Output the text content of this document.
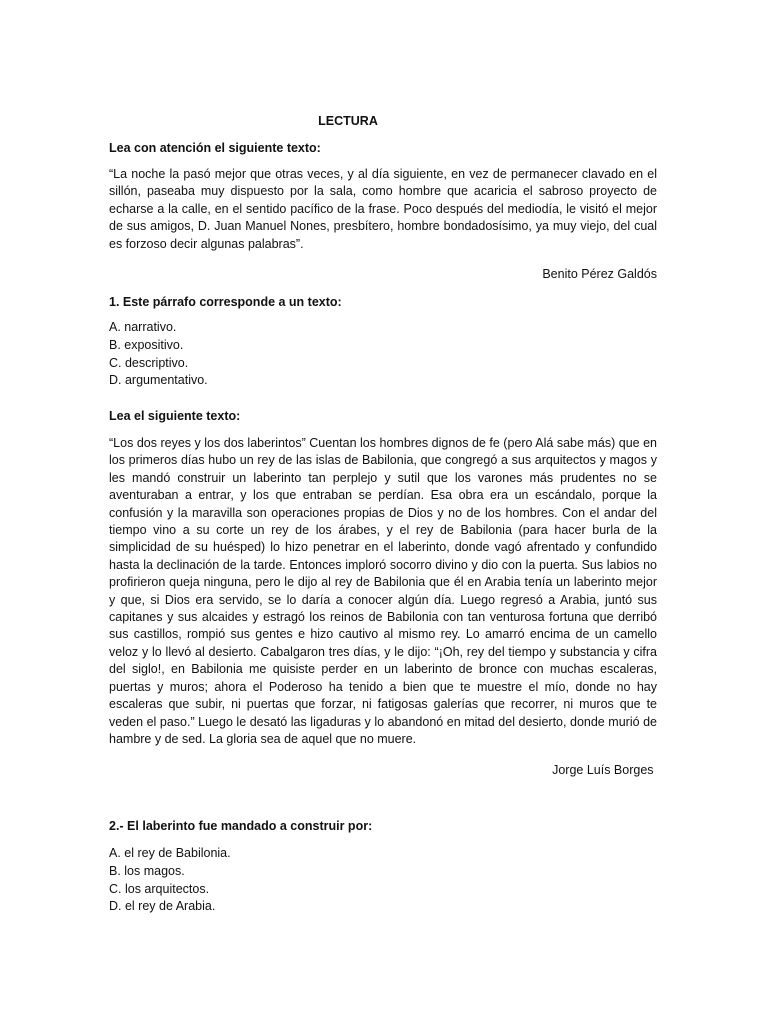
LECTURA
Lea con atención el siguiente texto:
“La noche la pasó mejor que otras veces, y al día siguiente, en vez de permanecer clavado en el sillón, paseaba muy dispuesto por la sala, como hombre que acaricia el sabroso proyecto de echarse a la calle, en el sentido pacífico de la frase. Poco después del mediodía, le visitó el mejor de sus amigos, D. Juan Manuel Nones, presbítero, hombre bondadosísimo, ya muy viejo, del cual es forzoso decir algunas palabras”.
Benito Pérez Galdós
1. Este párrafo corresponde a un texto:
A. narrativo.
B. expositivo.
C. descriptivo.
D. argumentativo.
Lea el siguiente texto:
“Los dos reyes y los dos laberintos” Cuentan los hombres dignos de fe (pero Alá sabe más) que en los primeros días hubo un rey de las islas de Babilonia, que congregó a sus arquitectos y magos y les mandó construir un laberinto tan perplejo y sutil que los varones más prudentes no se aventuraban a entrar, y los que entraban se perdían. Esa obra era un escándalo, porque la confusión y la maravilla son operaciones propias de Dios y no de los hombres. Con el andar del tiempo vino a su corte un rey de los árabes, y el rey de Babilonia (para hacer burla de la simplicidad de su huésped) lo hizo penetrar en el laberinto, donde vagó afrentado y confundido hasta la declinación de la tarde. Entonces imploró socorro divino y dio con la puerta. Sus labios no profirieron queja ninguna, pero le dijo al rey de Babilonia que él en Arabia tenía un laberinto mejor y que, si Dios era servido, se lo daría a conocer algún día. Luego regresó a Arabia, juntó sus capitanes y sus alcaides y estragó los reinos de Babilonia con tan venturosa fortuna que derribó sus castillos, rompió sus gentes e hizo cautivo al mismo rey. Lo amarró encima de un camello veloz y lo llevó al desierto. Cabalgaron tres días, y le dijo: “¡Oh, rey del tiempo y substancia y cifra del siglo!, en Babilonia me quisiste perder en un laberinto de bronce con muchas escaleras, puertas y muros; ahora el Poderoso ha tenido a bien que te muestre el mío, donde no hay escaleras que subir, ni puertas que forzar, ni fatigosas galerías que recorrer, ni muros que te veden el paso.” Luego le desató las ligaduras y lo abandonó en mitad del desierto, donde murió de hambre y de sed. La gloria sea de aquel que no muere.
Jorge Luís Borges
2.- El laberinto fue mandado a construir por:
A. el rey de Babilonia.
B. los magos.
C. los arquitectos.
D. el rey de Arabia.
